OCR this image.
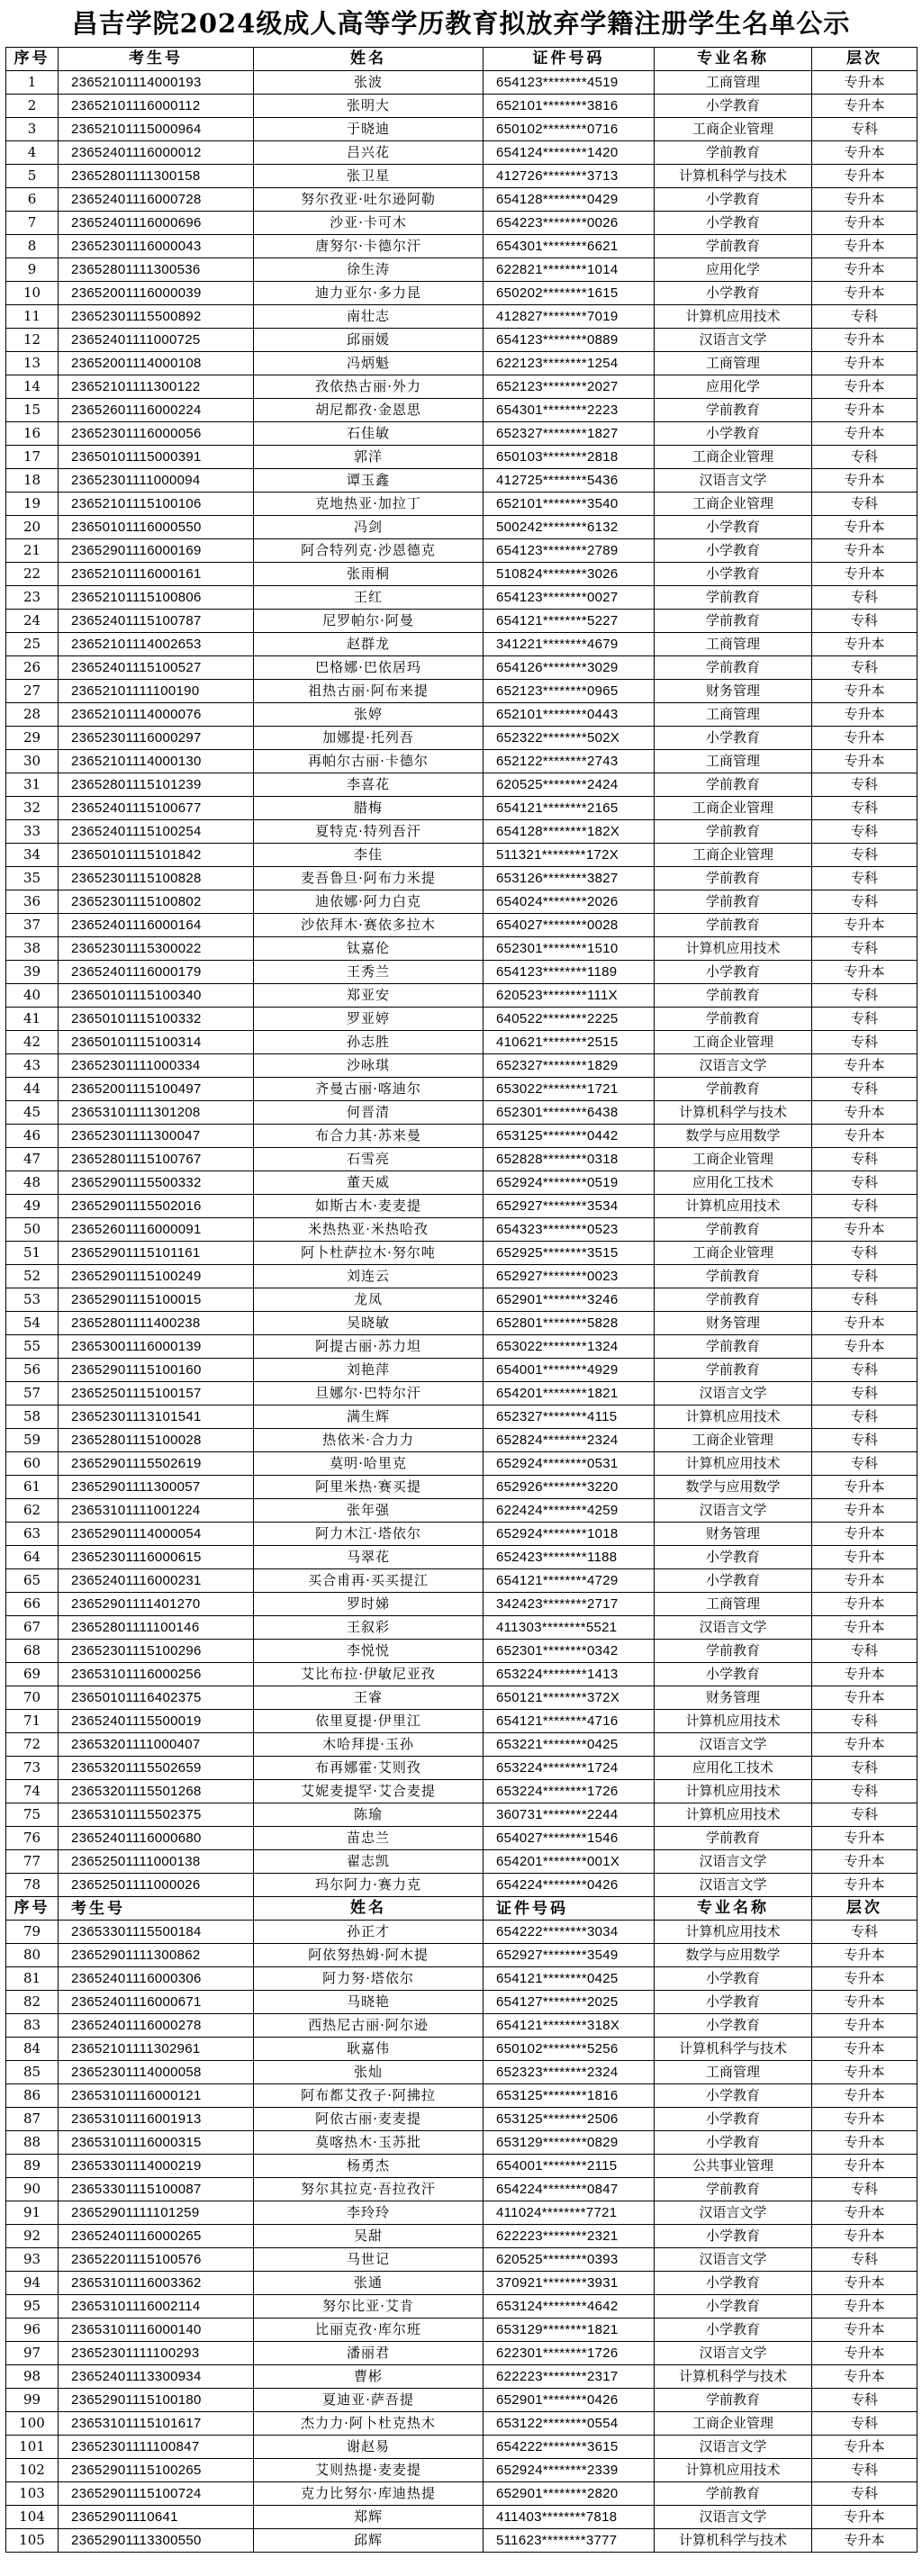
昌吉学院2024级成人高等学历教育拟放弃学籍注册学生名单公示
序号	考生号	姓名	证件号码	专业名称	层次
1	23652101114000193	张波	654123********4519	工商管理	专升本
2	23652101116000112	张明大	652101********3816	小学教育	专升本
3	23652101115000964	于晓迪	650102********0716	工商企业管理	专科
4	23652401116000012	吕兴花	654124********1420	学前教育	专升本
5	23652801111300158	张卫星	412726********3713	计算机科学与技术	专升本
6	23652401116000728	努尔孜亚·吐尔逊阿勒	654128********0429	小学教育	专升本
7	23652401116000696	沙亚·卡可木	654223********0026	小学教育	专升本
8	23652301116000043	唐努尔·卡德尔汗	654301********6621	学前教育	专升本
9	23652801111300536	徐生涛	622821********1014	应用化学	专升本
10	23652001116000039	迪力亚尔·多力昆	650202********1615	小学教育	专升本
11	23652301115500892	南壮志	412827********7019	计算机应用技术	专科
12	23652401111000725	邱丽媛	654123********0889	汉语言文学	专升本
13	23652001114000108	冯炳魁	622123********1254	工商管理	专升本
14	23652101111300122	孜依热古丽·外力	652123********2027	应用化学	专升本
15	23652601116000224	胡尼都孜·金恩思	654301********2223	学前教育	专升本
16	23652301116000056	石佳敏	652327********1827	小学教育	专升本
17	23650101115000391	郭洋	650103********2818	工商企业管理	专科
18	23652301111000094	谭玉鑫	412725********5436	汉语言文学	专升本
19	23652101115100106	克地热亚·加拉丁	652101********3540	工商企业管理	专科
20	23650101116000550	冯剑	500242********6132	小学教育	专升本
21	23652901116000169	阿合特列克·沙恩德克	654123********2789	小学教育	专升本
22	23652101116000161	张雨桐	510824********3026	小学教育	专升本
23	23652101115100806	王红	654123********0027	学前教育	专科
24	23652401115100787	尼罗帕尔·阿曼	654121********5227	学前教育	专科
25	23652101114002653	赵群龙	341221********4679	工商管理	专升本
26	23652401115100527	巴格娜·巴依居玛	654126********3029	学前教育	专科
27	23652101111100190	祖热古丽·阿布来提	652123********0965	财务管理	专升本
28	23652101114000076	张婷	652101********0443	工商管理	专升本
29	23652301116000297	加娜提·托列吾	652322********502X	小学教育	专升本
30	23652101114000130	再帕尔古丽·卡德尔	652122********2743	工商管理	专升本
31	23652801115101239	李喜花	620525********2424	学前教育	专科
32	23652401115100677	腊梅	654121********2165	工商企业管理	专科
33	23652401115100254	夏特克·特列吾汗	654128********182X	学前教育	专科
34	23650101115101842	李佳	511321********172X	工商企业管理	专科
35	23652301115100828	麦吾鲁旦·阿布力米提	653126********3827	学前教育	专科
36	23652301115100802	迪依娜·阿力白克	654024********2026	学前教育	专科
37	23652401116000164	沙依拜木·赛依多拉木	654027********0028	学前教育	专升本
38	23652301115300022	钛嘉伦	652301********1510	计算机应用技术	专科
39	23652401116000179	王秀兰	654123********1189	小学教育	专升本
40	23650101115100340	郑亚安	620523********111X	学前教育	专科
41	23650101115100332	罗亚婷	640522********2225	学前教育	专科
42	23650101115100314	孙志胜	410621********2515	工商企业管理	专科
43	23652301111000334	沙咏琪	652327********1829	汉语言文学	专升本
44	23652001115100497	齐曼古丽·喀迪尔	653022********1721	学前教育	专科
45	23653101111301208	何晋清	652301********6438	计算机科学与技术	专升本
46	23652301111300047	布合力其·苏来曼	653125********0442	数学与应用数学	专升本
47	23652801115100767	石雪亮	652828********0318	工商企业管理	专科
48	23652901115500332	董天威	652924********0519	应用化工技术	专科
49	23652901115502016	如斯古木·麦麦提	652927********3534	计算机应用技术	专科
50	23652601116000091	米热热亚·米热哈孜	654323********0523	学前教育	专升本
51	23652901115101161	阿卜杜萨拉木·努尔吨	652925********3515	工商企业管理	专科
52	23652901115100249	刘连云	652927********0023	学前教育	专科
53	23652901115100015	龙凤	652901********3246	学前教育	专科
54	23652801111400238	吴晓敏	652801********5828	财务管理	专升本
55	23653001116000139	阿提古丽·苏力坦	653022********1324	学前教育	专升本
56	23652901115100160	刘艳萍	654001********4929	学前教育	专科
57	23652501115100157	旦娜尔·巴特尔汗	654201********1821	汉语言文学	专科
58	23652301113101541	满生辉	652327********4115	计算机应用技术	专科
59	23652801115100028	热依米·合力力	652824********2324	工商企业管理	专科
60	23652901115502619	莫明·哈里克	652924********0531	计算机应用技术	专科
61	23652901111300057	阿里米热·赛买提	652926********3220	数学与应用数学	专升本
62	23653101111001224	张年强	622424********4259	汉语言文学	专升本
63	23652901114000054	阿力木江·塔依尔	652924********1018	财务管理	专升本
64	23652301116000615	马翠花	652423********1188	小学教育	专升本
65	23652401116000231	买合甫再·买买提江	654121********4729	小学教育	专升本
66	23652901111401270	罗时娣	342423********2717	工商管理	专升本
67	23652801111100146	王叙彩	411303********5521	汉语言文学	专升本
68	23652301115100296	李悦悦	652301********0342	学前教育	专科
69	23653101116000256	艾比布拉·伊敏尼亚孜	653224********1413	小学教育	专升本
70	23650101116402375	王睿	650121********372X	财务管理	专升本
71	23652401115500019	依里夏提·伊里江	654121********4716	计算机应用技术	专科
72	23653201111000407	木哈拜提·玉孙	653221********0425	汉语言文学	专升本
73	23653201115502659	布再娜霍·艾则孜	653224********1724	应用化工技术	专科
74	23653201115501268	艾妮麦提罕·艾合麦提	653224********1726	计算机应用技术	专科
75	23653101115502375	陈瑜	360731********2244	计算机应用技术	专科
76	23652401116000680	苗忠兰	654027********1546	学前教育	专升本
77	23652501111000138	翟志凯	654201********001X	汉语言文学	专升本
78	23652501111000026	玛尔阿力·赛力克	654224********0426	汉语言文学	专升本
序号	考生号	姓名	证件号码	专业名称	层次
79	23653301115500184	孙正才	654222********3034	计算机应用技术	专科
80	23652901111300862	阿依努热姆·阿木提	652927********3549	数学与应用数学	专升本
81	23652401116000306	阿力努·塔依尔	654121********0425	小学教育	专升本
82	23652401116000671	马晓艳	654127********2025	小学教育	专升本
83	23652401116000278	西热尼古丽·阿尔逊	654121********318X	小学教育	专升本
84	23652101111302961	耿嘉伟	650102********5256	计算机科学与技术	专升本
85	23652301114000058	张灿	652323********2324	工商管理	专升本
86	23653101116000121	阿布都艾孜子·阿拂拉	653125********1816	小学教育	专升本
87	23653101116001913	阿依古丽·麦麦提	653125********2506	小学教育	专升本
88	23653101116000315	莫喀热木·玉苏批	653129********0829	小学教育	专升本
89	23653301114000219	杨勇杰	654001********2115	公共事业管理	专升本
90	23653301115100087	努尔其拉克·吾拉孜汗	654224********0847	学前教育	专科
91	23652901111101259	李玲玲	411024********7721	汉语言文学	专升本
92	23652401116000265	吴甜	622223********2321	小学教育	专升本
93	23652201115100576	马世记	620525********0393	汉语言文学	专科
94	23653101116003362	张通	370921********3931	小学教育	专升本
95	23653101116002114	努尔比亚·艾肯	653124********4642	小学教育	专升本
96	23653101116000140	比丽克孜·库尔班	653129********1821	小学教育	专升本
97	23652301111100293	潘丽君	622301********1726	汉语言文学	专升本
98	23652401113300934	曹彬	622223********2317	计算机科学与技术	专升本
99	23652901115100180	夏迪亚·萨吾提	652901********0426	学前教育	专科
100	23653101115101617	杰力力·阿卜杜克热木	653122********0554	工商企业管理	专科
101	23652301111100847	谢赵易	654222********3615	汉语言文学	专升本
102	23652901115100265	艾则热提·麦麦提	652924********2339	计算机应用技术	专科
103	23652901115100724	克力比努尔·库迪热提	652901********2820	学前教育	专科
104	23652901110641	郑辉	411403********7818	汉语言文学	专升本
105	23652901113300550	邱辉	511623********3777	计算机科学与技术	专升本
